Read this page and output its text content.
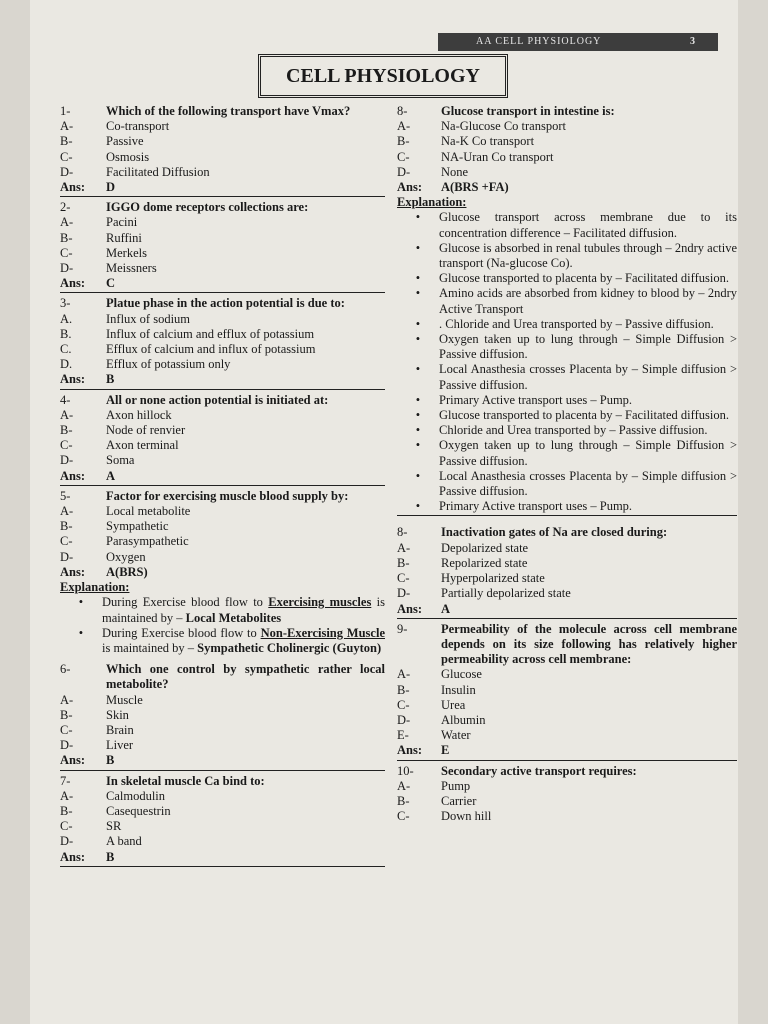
AA CELL PHYSIOLOGY	3
CELL PHYSIOLOGY
1-	Which of the following transport have Vmax?
A-	Co-transport
B-	Passive
C-	Osmosis
D-	Facilitated Diffusion
Ans:	D
2-	IGGO dome receptors collections are:
A-	Pacini
B-	Ruffini
C-	Merkels
D-	Meissners
Ans:	C
3-	Platue phase in the action potential is due to:
A.	Influx of sodium
B.	Influx of calcium and efflux of potassium
C.	Efflux of calcium and influx of potassium
D.	Efflux of potassium only
Ans:	B
4-	All or none action potential is initiated at:
A-	Axon hillock
B-	Node of renvier
C-	Axon terminal
D-	Soma
Ans:	A
5-	Factor for exercising muscle blood supply by:
A-	Local metabolite
B-	Sympathetic
C-	Parasympathetic
D-	Oxygen
Ans:	A(BRS)
Explanation:
•	During Exercise blood flow to Exercising muscles is maintained by – Local Metabolites
•	During Exercise blood flow to Non-Exercising Muscle is maintained by – Sympathetic Cholinergic (Guyton)
6-	Which one control by sympathetic rather local metabolite?
A-	Muscle
B-	Skin
C-	Brain
D-	Liver
Ans:	B
7-	In skeletal muscle Ca bind to:
A-	Calmodulin
B-	Casequestrin
C-	SR
D-	A band
Ans:	B
8-	Glucose transport in intestine is:
A-	Na-Glucose Co transport
B-	Na-K Co transport
C-	NA-Uran Co transport
D-	None
Ans:	A(BRS +FA)
Explanation:
•	Glucose transport across membrane due to its concentration difference – Facilitated diffusion.
•	Glucose is absorbed in renal tubules through – 2ndry active transport (Na-glucose Co).
•	Glucose transported to placenta by – Facilitated diffusion.
•	Amino acids are absorbed from kidney to blood by – 2ndry Active Transport
•	. Chloride and Urea transported by – Passive diffusion.
•	Oxygen taken up to lung through – Simple Diffusion > Passive diffusion.
•	Local Anasthesia crosses Placenta by – Simple diffusion > Passive diffusion.
•	Primary Active transport uses – Pump.
•	Glucose transported to placenta by – Facilitated diffusion.
•	Chloride and Urea transported by – Passive diffusion.
•	Oxygen taken up to lung through – Simple Diffusion > Passive diffusion.
•	Local Anasthesia crosses Placenta by – Simple diffusion > Passive diffusion.
•	Primary Active transport uses – Pump.
8-	Inactivation gates of Na are closed during:
A-	Depolarized state
B-	Repolarized state
C-	Hyperpolarized state
D-	Partially depolarized state
Ans:	A
9-	Permeability of the molecule across cell membrane depends on its size following has relatively higher permeability across cell membrane:
A-	Glucose
B-	Insulin
C-	Urea
D-	Albumin
E-	Water
Ans:	E
10-	Secondary active transport requires:
A-	Pump
B-	Carrier
C-	Down hill
